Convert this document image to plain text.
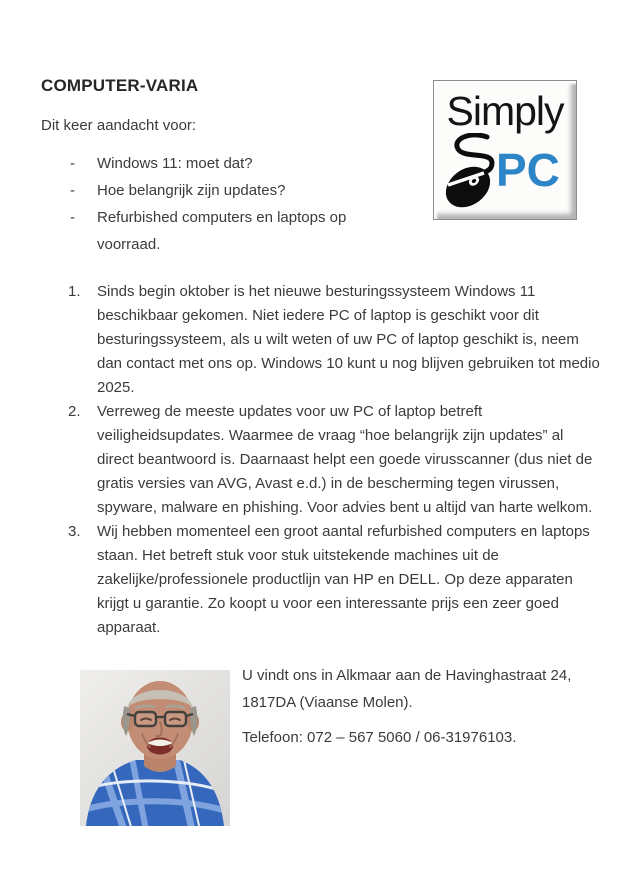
COMPUTER-VARIA

Dit keer aandacht voor:

- Windows 11: moet dat?
- Hoe belangrijk zijn updates?
- Refurbished computers en laptops op voorraad.
Simply
PC
1. Sinds begin oktober is het nieuwe besturingssysteem Windows 11 beschikbaar gekomen. Niet iedere PC of laptop is geschikt voor dit besturingssysteem, als u wilt weten of uw PC of laptop geschikt is, neem dan contact met ons op. Windows 10 kunt u nog blijven gebruiken tot medio 2025.
2. Verreweg de meeste updates voor uw PC of laptop betreft veiligheidsupdates. Waarmee de vraag “hoe belangrijk zijn updates” al direct beantwoord is. Daarnaast helpt een goede virusscanner (dus niet de gratis versies van AVG, Avast e.d.) in de bescherming tegen virussen, spyware, malware en phishing. Voor advies bent u altijd van harte welkom.
3. Wij hebben momenteel een groot aantal refurbished computers en laptops staan. Het betreft stuk voor stuk uitstekende machines uit de zakelijke/professionele productlijn van HP en DELL. Op deze apparaten krijgt u garantie. Zo koopt u voor een interessante prijs een zeer goed apparaat.

U vindt ons in Alkmaar aan de Havinghastraat 24, 1817DA (Viaanse Molen).

Telefoon: 072 – 567 5060 / 06-31976103.
